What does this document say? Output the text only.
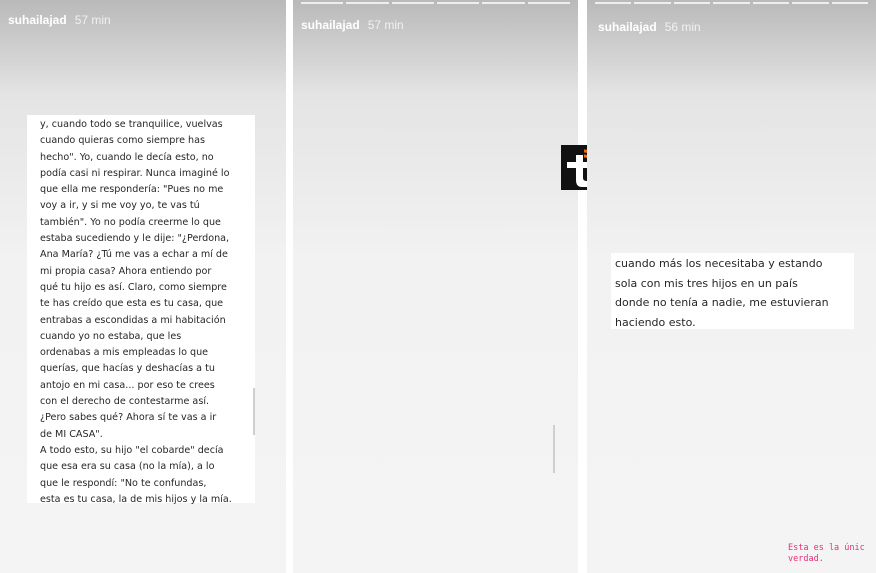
suhailajad 57 min

y, cuando todo se tranquilice, vuelvas
cuando quieras como siempre has
hecho". Yo, cuando le decía esto, no
podía casi ni respirar. Nunca imaginé lo
que ella me respondería: "Pues no me
voy a ir, y si me voy yo, te vas tú
también". Yo no podía creerme lo que
estaba sucediendo y le dije: "¿Perdona,
Ana María? ¿Tú me vas a echar a mí de
mi propia casa? Ahora entiendo por
qué tu hijo es así. Claro, como siempre
te has creído que esta es tu casa, que
entrabas a escondidas a mi habitación
cuando yo no estaba, que les
ordenabas a mis empleadas lo que
querías, que hacías y deshacías a tu
antojo en mi casa... por eso te crees
con el derecho de contestarme así.
¿Pero sabes qué? Ahora sí te vas a ir
de MI CASA".
A todo esto, su hijo "el cobarde" decía
que esa era su casa (no la mía), a lo
que le respondí: "No te confundas,
esta es tu casa, la de mis hijos y la mía.

suhailajad 57 min	suhailajad 56 min

cuando más los necesitaba y estando
sola con mis tres hijos en un país
donde no tenía a nadie, me estuvieran
haciendo esto.

Esta es la únic
verdad.
